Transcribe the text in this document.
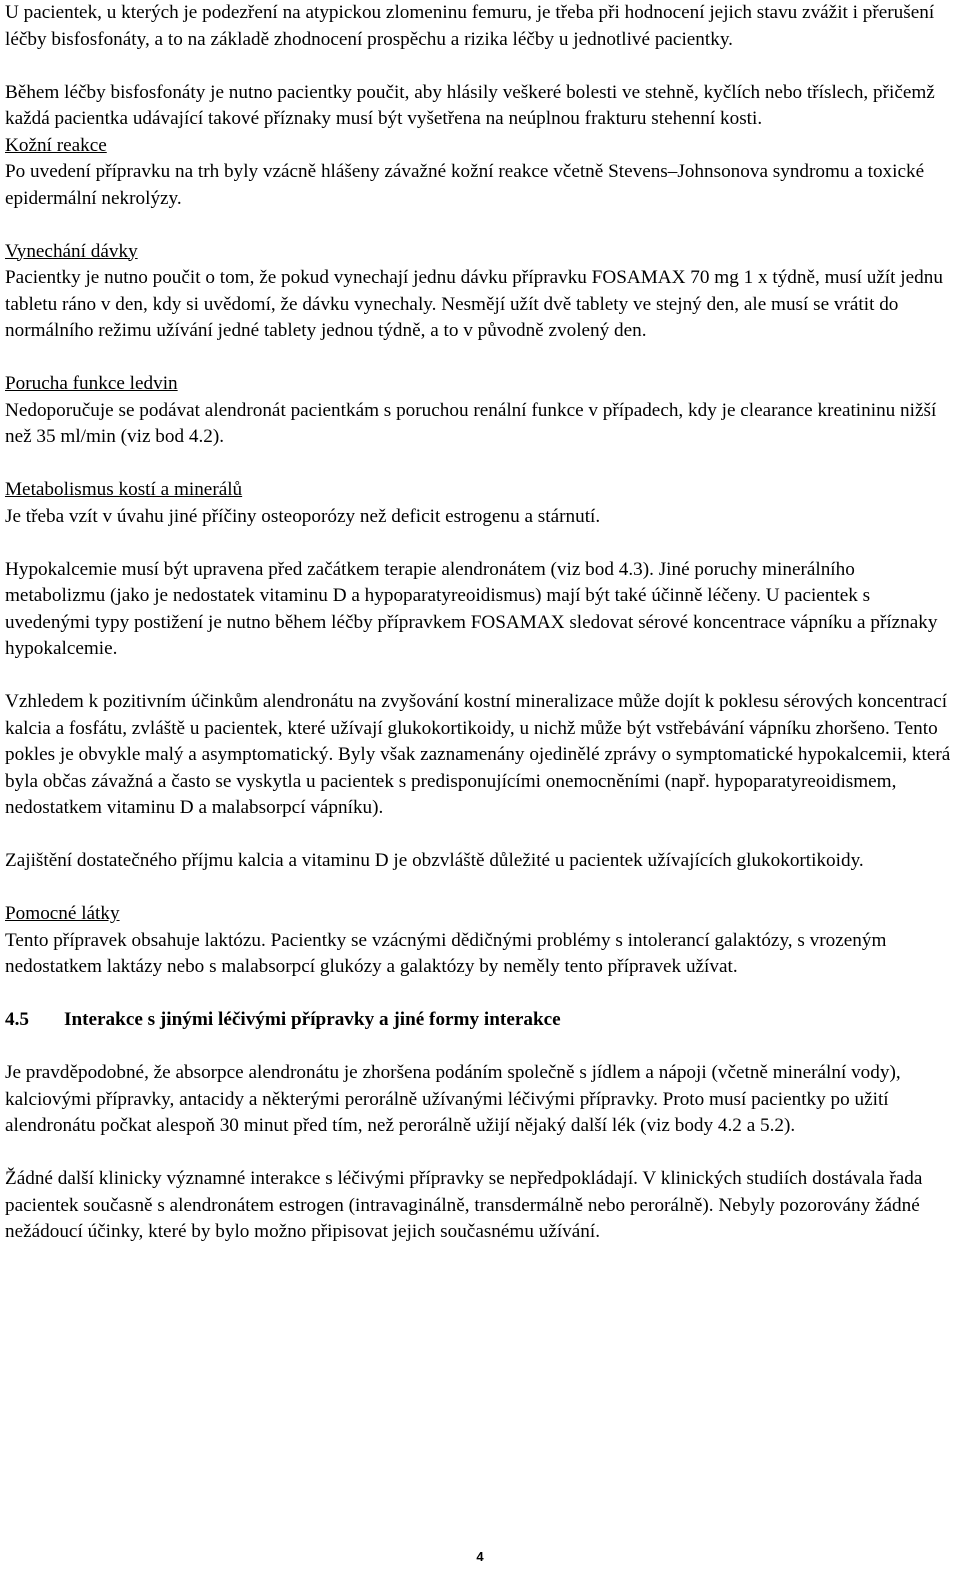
U pacientek, u kterých je podezření na atypickou zlomeninu femuru, je třeba při hodnocení jejich stavu zvážit i přerušení léčby bisfosfonáty, a to na základě zhodnocení prospěchu a rizika léčby u jednotlivé pacientky.

Během léčby bisfosfonáty je nutno pacientky poučit, aby hlásily veškeré bolesti ve stehně, kyčlích nebo tříslech, přičemž každá pacientka udávající takové příznaky musí být vyšetřena na neúplnou frakturu stehenní kosti.

Kožní reakce

Po uvedení přípravku na trh byly vzácně hlášeny závažné kožní reakce včetně Stevens–Johnsonova syndromu a toxické epidermální nekrolýzy.

Vynechání dávky

Pacientky je nutno poučit o tom, že pokud vynechají jednu dávku přípravku FOSAMAX 70 mg 1 x týdně, musí užít jednu tabletu ráno v den, kdy si uvědomí, že dávku vynechaly. Nesmějí užít dvě tablety ve stejný den, ale musí se vrátit do normálního režimu užívání jedné tablety jednou týdně, a to v původně zvolený den.

Porucha funkce ledvin

Nedoporučuje se podávat alendronát pacientkám s poruchou renální funkce v případech, kdy je clearance kreatininu nižší než 35 ml/min (viz bod 4.2).

Metabolismus kostí a minerálů

Je třeba vzít v úvahu jiné příčiny osteoporózy než deficit estrogenu a stárnutí.

Hypokalcemie musí být upravena před začátkem terapie alendronátem (viz bod 4.3). Jiné poruchy minerálního metabolizmu (jako je nedostatek vitaminu D a hypoparatyreoidismus) mají být také účinně léčeny. U pacientek s uvedenými typy postižení je nutno během léčby přípravkem FOSAMAX sledovat sérové koncentrace vápníku a příznaky hypokalcemie.

Vzhledem k pozitivním účinkům alendronátu na zvyšování kostní mineralizace může dojít k poklesu sérových koncentrací kalcia a fosfátu, zvláště u pacientek, které užívají glukokortikoidy, u nichž může být vstřebávání vápníku zhoršeno. Tento pokles je obvykle malý a asymptomatický. Byly však zaznamenány ojedinělé zprávy o symptomatické hypokalcemii, která byla občas závažná a často se vyskytla u pacientek s predisponujícími onemocněními (např. hypoparatyreoidismem, nedostatkem vitaminu D a malabsorpcí vápníku).

Zajištění dostatečného příjmu kalcia a vitaminu D je obzvláště důležité u pacientek užívajících glukokortikoidy.

Pomocné látky

Tento přípravek obsahuje laktózu. Pacientky se vzácnými dědičnými problémy s intolerancí galaktózy, s vrozeným nedostatkem laktázy nebo s malabsorpcí glukózy a galaktózy by neměly tento přípravek užívat.

4.5	Interakce s jinými léčivými přípravky a jiné formy interakce

Je pravděpodobné, že absorpce alendronátu je zhoršena podáním společně s jídlem a nápoji (včetně minerální vody), kalciovými přípravky, antacidy a některými perorálně užívanými léčivými přípravky. Proto musí pacientky po užití alendronátu počkat alespoň 30 minut před tím, než perorálně užijí nějaký další lék (viz body 4.2 a 5.2).

Žádné další klinicky významné interakce s léčivými přípravky se nepředpokládají. V klinických studiích dostávala řada pacientek současně s alendronátem estrogen (intravaginálně, transdermálně nebo perorálně). Nebyly pozorovány žádné nežádoucí účinky, které by bylo možno připisovat jejich současnému užívání.

4
